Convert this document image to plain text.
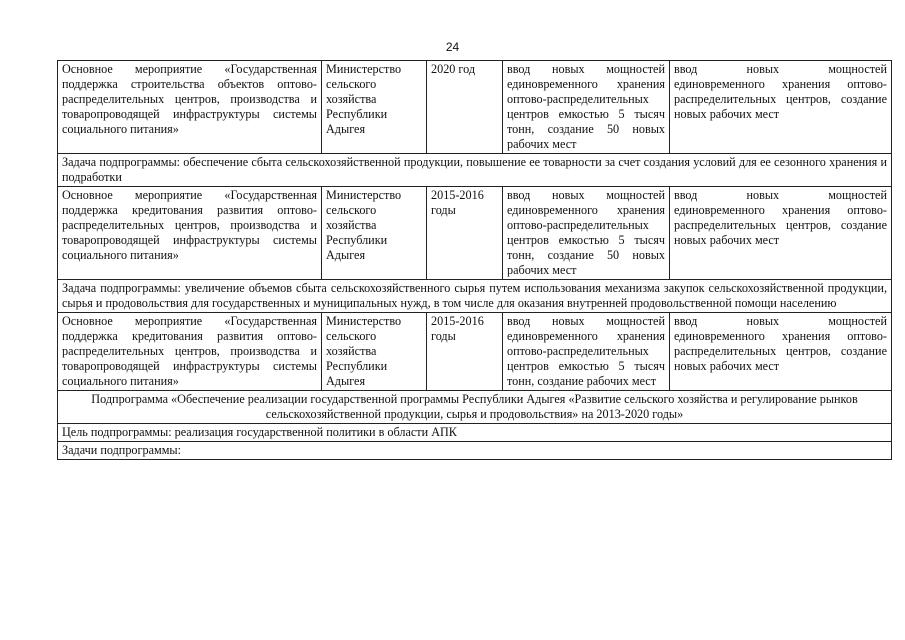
24
Основное мероприятие «Государственная поддержка строительства объектов оптово-распределительных центров, производства и товаропроводящей инфраструктуры системы социального питания»	Министерство сельского хозяйства Республики Адыгея	2020 год	ввод новых мощностей единовременного хранения оптово-распределительных центров емкостью 5 тысяч тонн, создание 50 новых рабочих мест	ввод новых мощностей единовременного хранения оптово-распределительных центров, создание новых рабочих мест
Задача подпрограммы: обеспечение сбыта сельскохозяйственной продукции, повышение ее товарности за счет создания условий для ее сезонного хранения и подработки				
Основное мероприятие «Государственная поддержка кредитования развития оптово-распределительных центров, производства и товаропроводящей инфраструктуры системы социального питания»	Министерство сельского хозяйства Республики Адыгея	2015-2016 годы	ввод новых мощностей единовременного хранения оптово-распределительных центров емкостью 5 тысяч тонн, создание 50 новых рабочих мест	ввод новых мощностей единовременного хранения оптово-распределительных центров, создание новых рабочих мест
Задача подпрограммы: увеличение объемов сбыта сельскохозяйственного сырья путем использования механизма закупок сельскохозяйственной продукции, сырья и продовольствия для государственных и муниципальных нужд, в том числе для оказания внутренней продовольственной помощи населению				
Основное мероприятие «Государственная поддержка кредитования развития оптово-распределительных центров, производства и товаропроводящей инфраструктуры системы социального питания»	Министерство сельского хозяйства Республики Адыгея	2015-2016 годы	ввод новых мощностей единовременного хранения оптово-распределительных центров емкостью 5 тысяч тонн, создание рабочих мест	ввод новых мощностей единовременного хранения оптово-распределительных центров, создание новых рабочих мест
Подпрограмма «Обеспечение реализации государственной программы Республики Адыгея «Развитие сельского хозяйства и регулирование рынков сельскохозяйственной продукции, сырья и продовольствия» на 2013-2020 годы»				
Цель подпрограммы: реализация государственной политики в области АПК				
Задачи подпрограммы:				
